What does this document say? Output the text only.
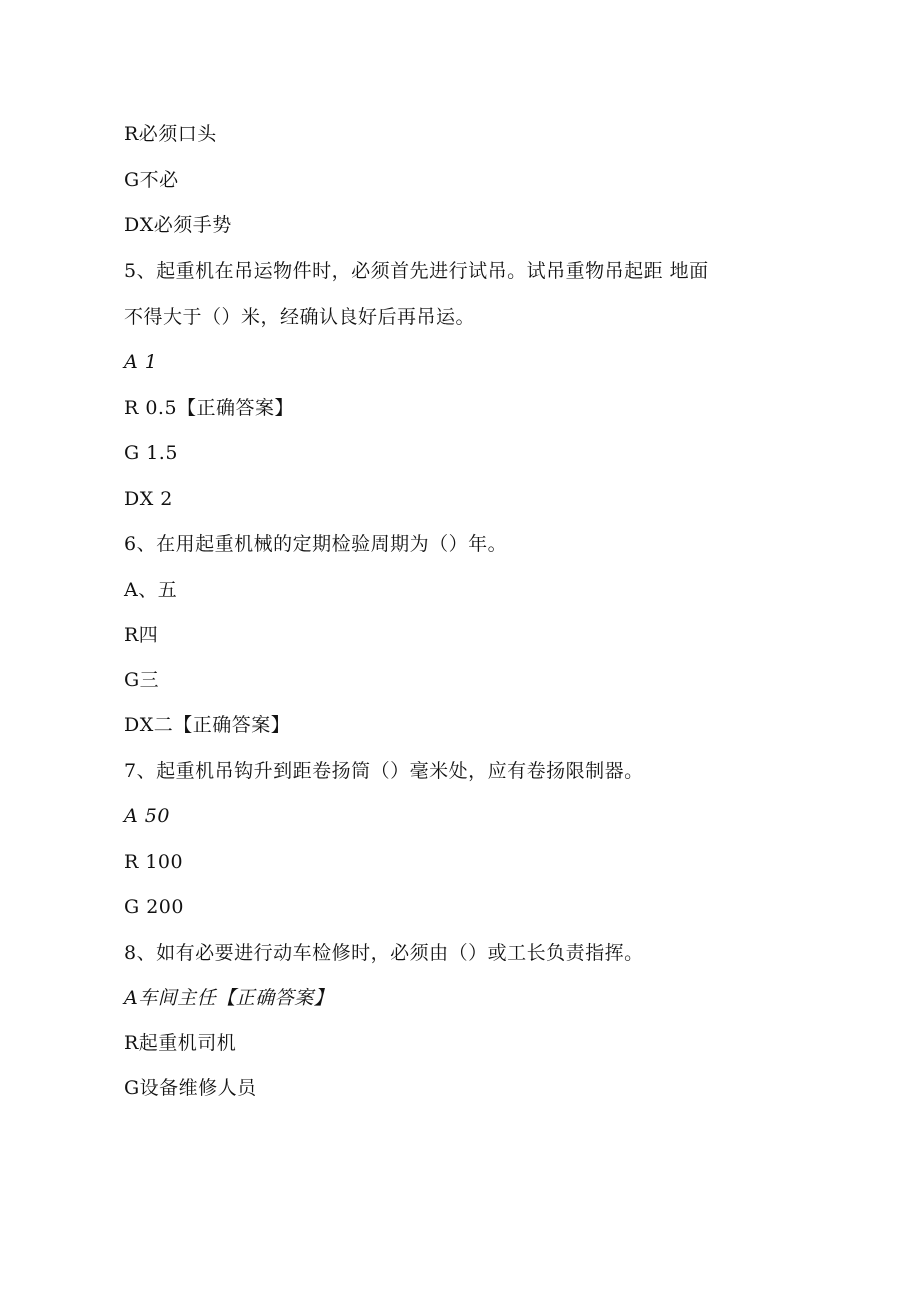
R必须口头
G不必
DX必须手势
5、起重机在吊运物件时，必须首先进行试吊。试吊重物吊起距 地面
不得大于（）米，经确认良好后再吊运。
A 1
R 0.5【正确答案】
G 1.5
DX 2
6、在用起重机械的定期检验周期为（）年。
A、五
R四
G三
DX二【正确答案】
7、起重机吊钩升到距卷扬筒（）毫米处，应有卷扬限制器。
A 50
R 100
G 200
8、如有必要进行动车检修时，必须由（）或工长负责指挥。
A车间主任【正确答案】
R起重机司机
G设备维修人员
